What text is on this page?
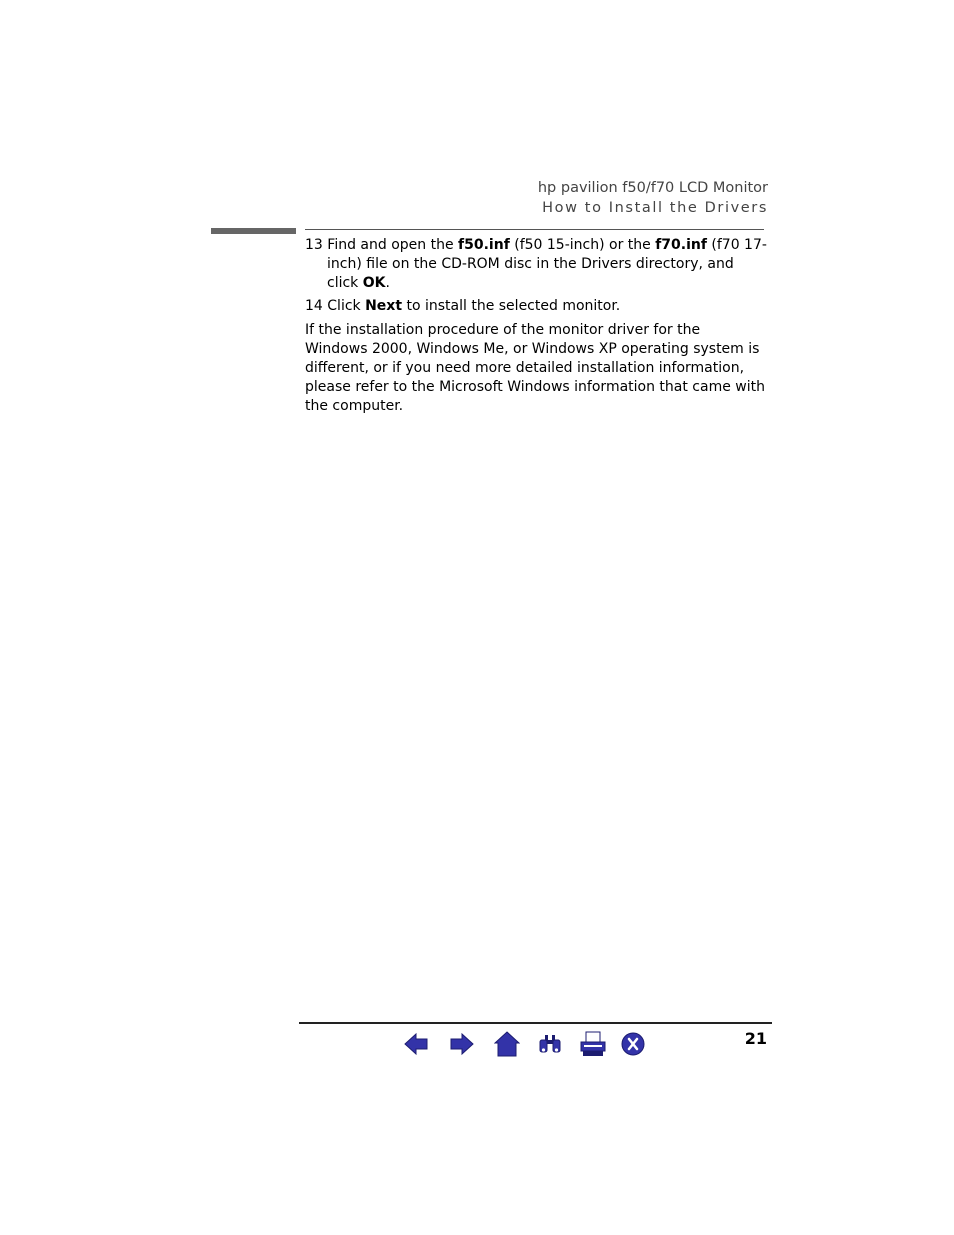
hp pavilion f50/f70 LCD Monitor
How to Install the Drivers

13 Find and open the f50.inf (f50 15-inch) or the f70.inf (f70 17-inch) file on the CD-ROM disc in the Drivers directory, and click OK.

14 Click Next to install the selected monitor.

If the installation procedure of the monitor driver for the Windows 2000, Windows Me, or Windows XP operating system is different, or if you need more detailed installation information, please refer to the Microsoft Windows information that came with the computer.

21
